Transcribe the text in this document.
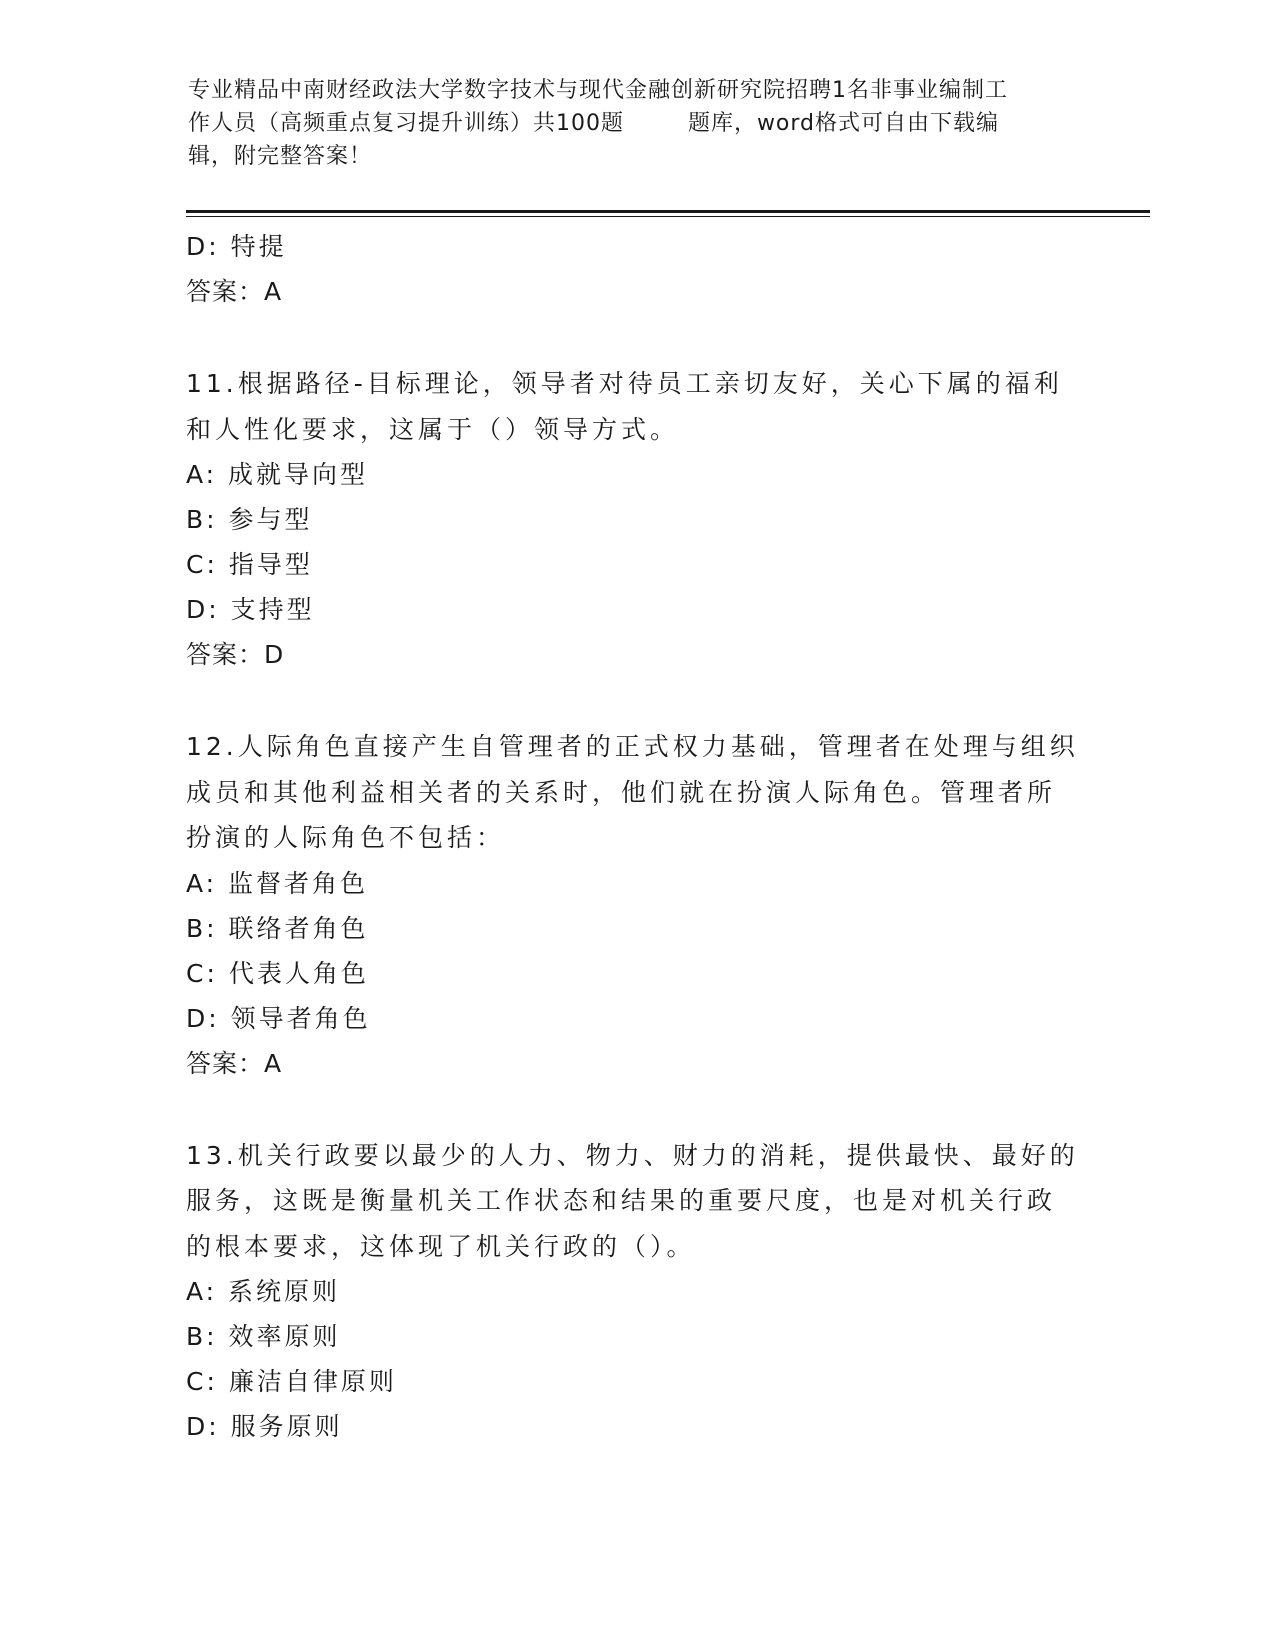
专业精品中南财经政法大学数字技术与现代金融创新研究院招聘1名非事业编制工
作人员（高频重点复习提升训练）共100题        题库，word格式可自由下载编
辑，附完整答案！
D: 特提
答案：A
11.根据路径-目标理论，领导者对待员工亲切友好，关心下属的福利
和人性化要求，这属于（）领导方式。
A: 成就导向型
B: 参与型
C: 指导型
D: 支持型
答案：D
12.人际角色直接产生自管理者的正式权力基础，管理者在处理与组织
成员和其他利益相关者的关系时，他们就在扮演人际角色。管理者所
扮演的人际角色不包括：
A: 监督者角色
B: 联络者角色
C: 代表人角色
D: 领导者角色
答案：A
13.机关行政要以最少的人力、物力、财力的消耗，提供最快、最好的
服务，这既是衡量机关工作状态和结果的重要尺度，也是对机关行政
的根本要求，这体现了机关行政的（）。
A: 系统原则
B: 效率原则
C: 廉洁自律原则
D: 服务原则
